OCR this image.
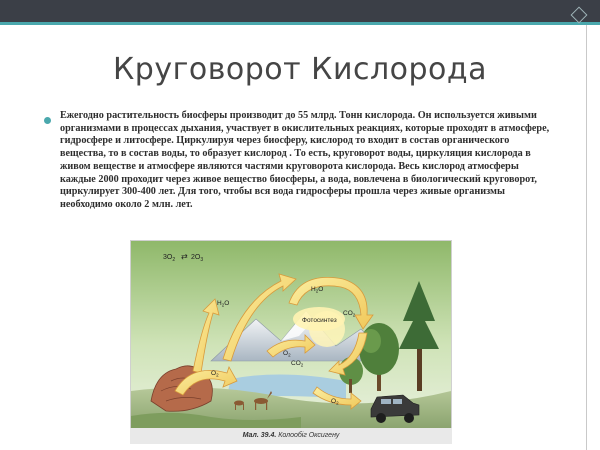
Круговорот Кислорода

Ежегодно растительность биосферы производит до 55 млрд. Тонн кислорода. Он используется живыми организмами в процессах дыхания, участвует в окислительных реакциях, которые проходят в атмосфере, гидросфере и литосфере. Циркулируя через биосферу, кислород то входит в состав органического вещества, то в состав воды, то образует кислород . То есть, круговорот воды, циркуляция кислорода в живом веществе и атмосфере являются частями круговорота кислорода. Весь кислород атмосферы каждые 2000 проходит через живое вещество биосферы, а вода, вовлечена в биологический круговорот, циркулирует 300-400 лет. Для того, чтобы вся вода гидросферы прошла через живые организмы необходимо около 2 млн. лет.

$3O_2$ ⇄ $2O_3$
$H_2O$
$H_2O$
$CO_2$
Фотосинтез
$O_2$
$CO_2$
$O_2$
$O_2$
Мал. 39.4. Колообіг Оксигену
